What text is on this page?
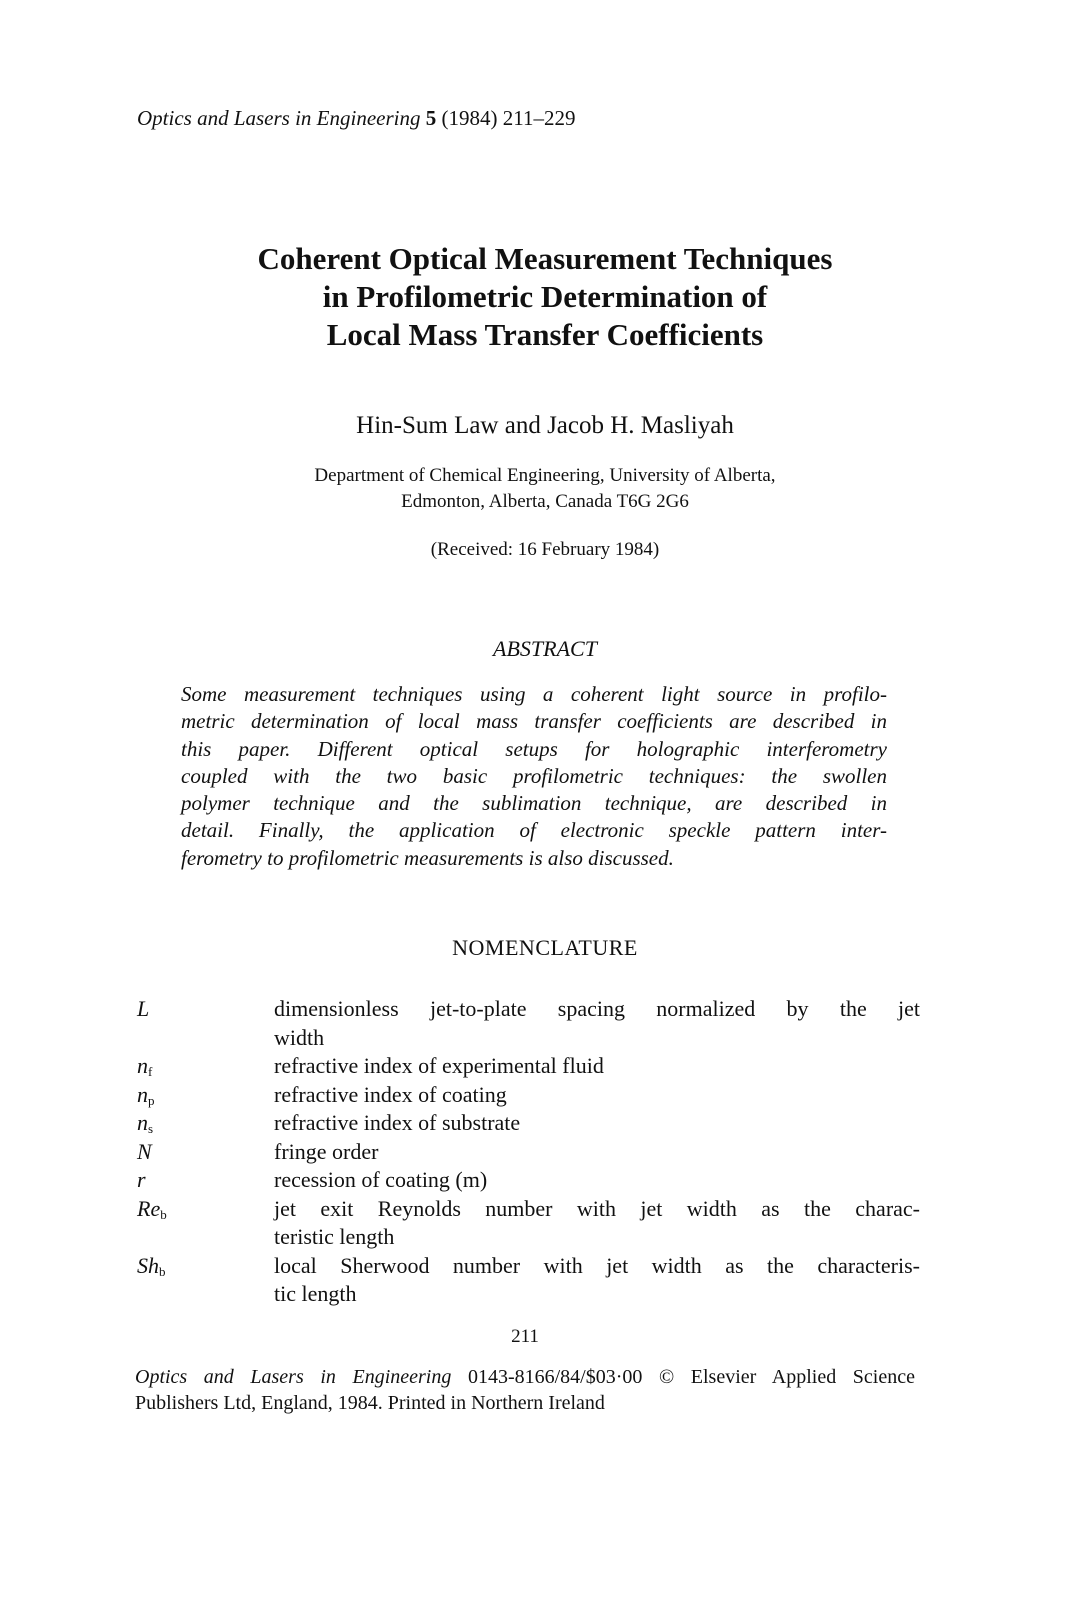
Optics and Lasers in Engineering 5 (1984) 211–229
Coherent Optical Measurement Techniques
in Profilometric Determination of
Local Mass Transfer Coefficients
Hin-Sum Law and Jacob H. Masliyah
Department of Chemical Engineering, University of Alberta,
Edmonton, Alberta, Canada T6G 2G6
(Received: 16 February 1984)
ABSTRACT
Some measurement techniques using a coherent light source in profilo-
metric determination of local mass transfer coefficients are described in
this paper. Different optical setups for holographic interferometry
coupled with the two basic profilometric techniques: the swollen
polymer technique and the sublimation technique, are described in
detail. Finally, the application of electronic speckle pattern inter-
ferometry to profilometric measurements is also discussed.
NOMENCLATURE
L	dimensionless jet-to-plate spacing normalized by the jet
width
$n_f$	refractive index of experimental fluid
$n_p$	refractive index of coating
$n_s$	refractive index of substrate
N	fringe order
r	recession of coating (m)
$Re_b$	jet exit Reynolds number with jet width as the charac-
teristic length
$Sh_b$	local Sherwood number with jet width as the characteris-
tic length
211
Optics and Lasers in Engineering 0143-8166/84/$03·00 © Elsevier Applied Science
Publishers Ltd, England, 1984. Printed in Northern Ireland
